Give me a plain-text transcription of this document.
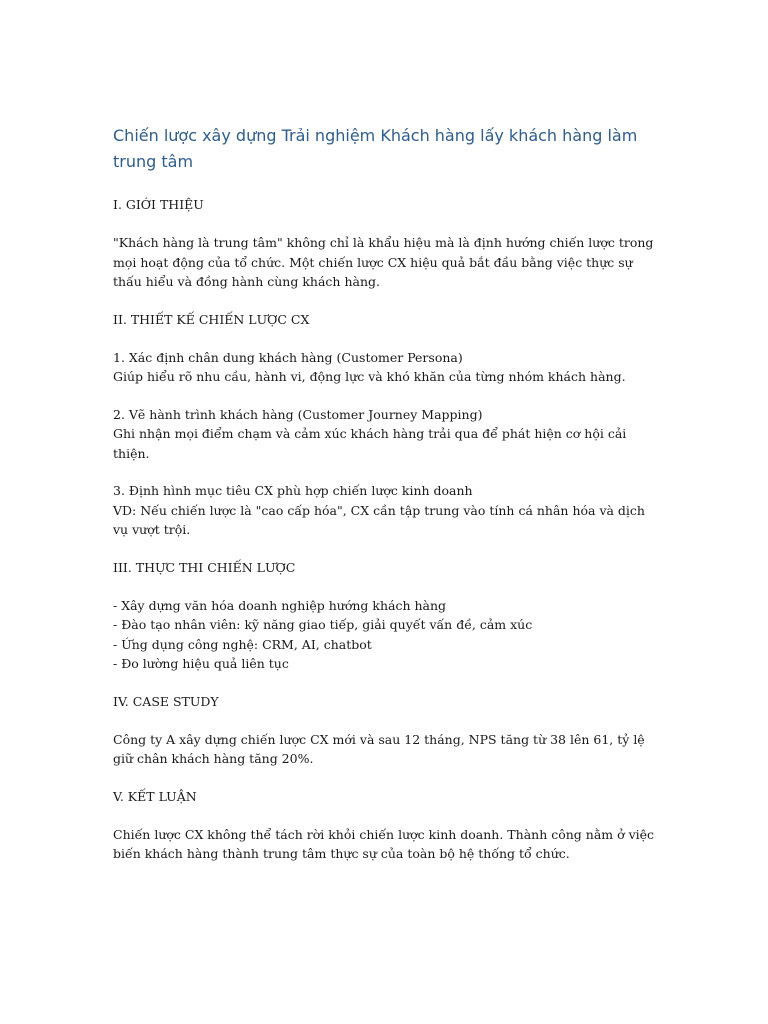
Chiến lược xây dựng Trải nghiệm Khách hàng lấy khách hàng làm trung tâm
I. GIỚI THIỆU

"Khách hàng là trung tâm" không chỉ là khẩu hiệu mà là định hướng chiến lược trong mọi hoạt động của tổ chức. Một chiến lược CX hiệu quả bắt đầu bằng việc thực sự thấu hiểu và đồng hành cùng khách hàng.

II. THIẾT KẾ CHIẾN LƯỢC CX

1. Xác định chân dung khách hàng (Customer Persona)
Giúp hiểu rõ nhu cầu, hành vi, động lực và khó khăn của từng nhóm khách hàng.

2. Vẽ hành trình khách hàng (Customer Journey Mapping)
Ghi nhận mọi điểm chạm và cảm xúc khách hàng trải qua để phát hiện cơ hội cải thiện.

3. Định hình mục tiêu CX phù hợp chiến lược kinh doanh
VD: Nếu chiến lược là "cao cấp hóa", CX cần tập trung vào tính cá nhân hóa và dịch vụ vượt trội.

III. THỰC THI CHIẾN LƯỢC
- Xây dựng văn hóa doanh nghiệp hướng khách hàng
- Đào tạo nhân viên: kỹ năng giao tiếp, giải quyết vấn đề, cảm xúc
- Ứng dụng công nghệ: CRM, AI, chatbot
- Đo lường hiệu quả liên tục
IV. CASE STUDY

Công ty A xây dựng chiến lược CX mới và sau 12 tháng, NPS tăng từ 38 lên 61, tỷ lệ giữ chân khách hàng tăng 20%.

V. KẾT LUẬN

Chiến lược CX không thể tách rời khỏi chiến lược kinh doanh. Thành công nằm ở việc biến khách hàng thành trung tâm thực sự của toàn bộ hệ thống tổ chức.
